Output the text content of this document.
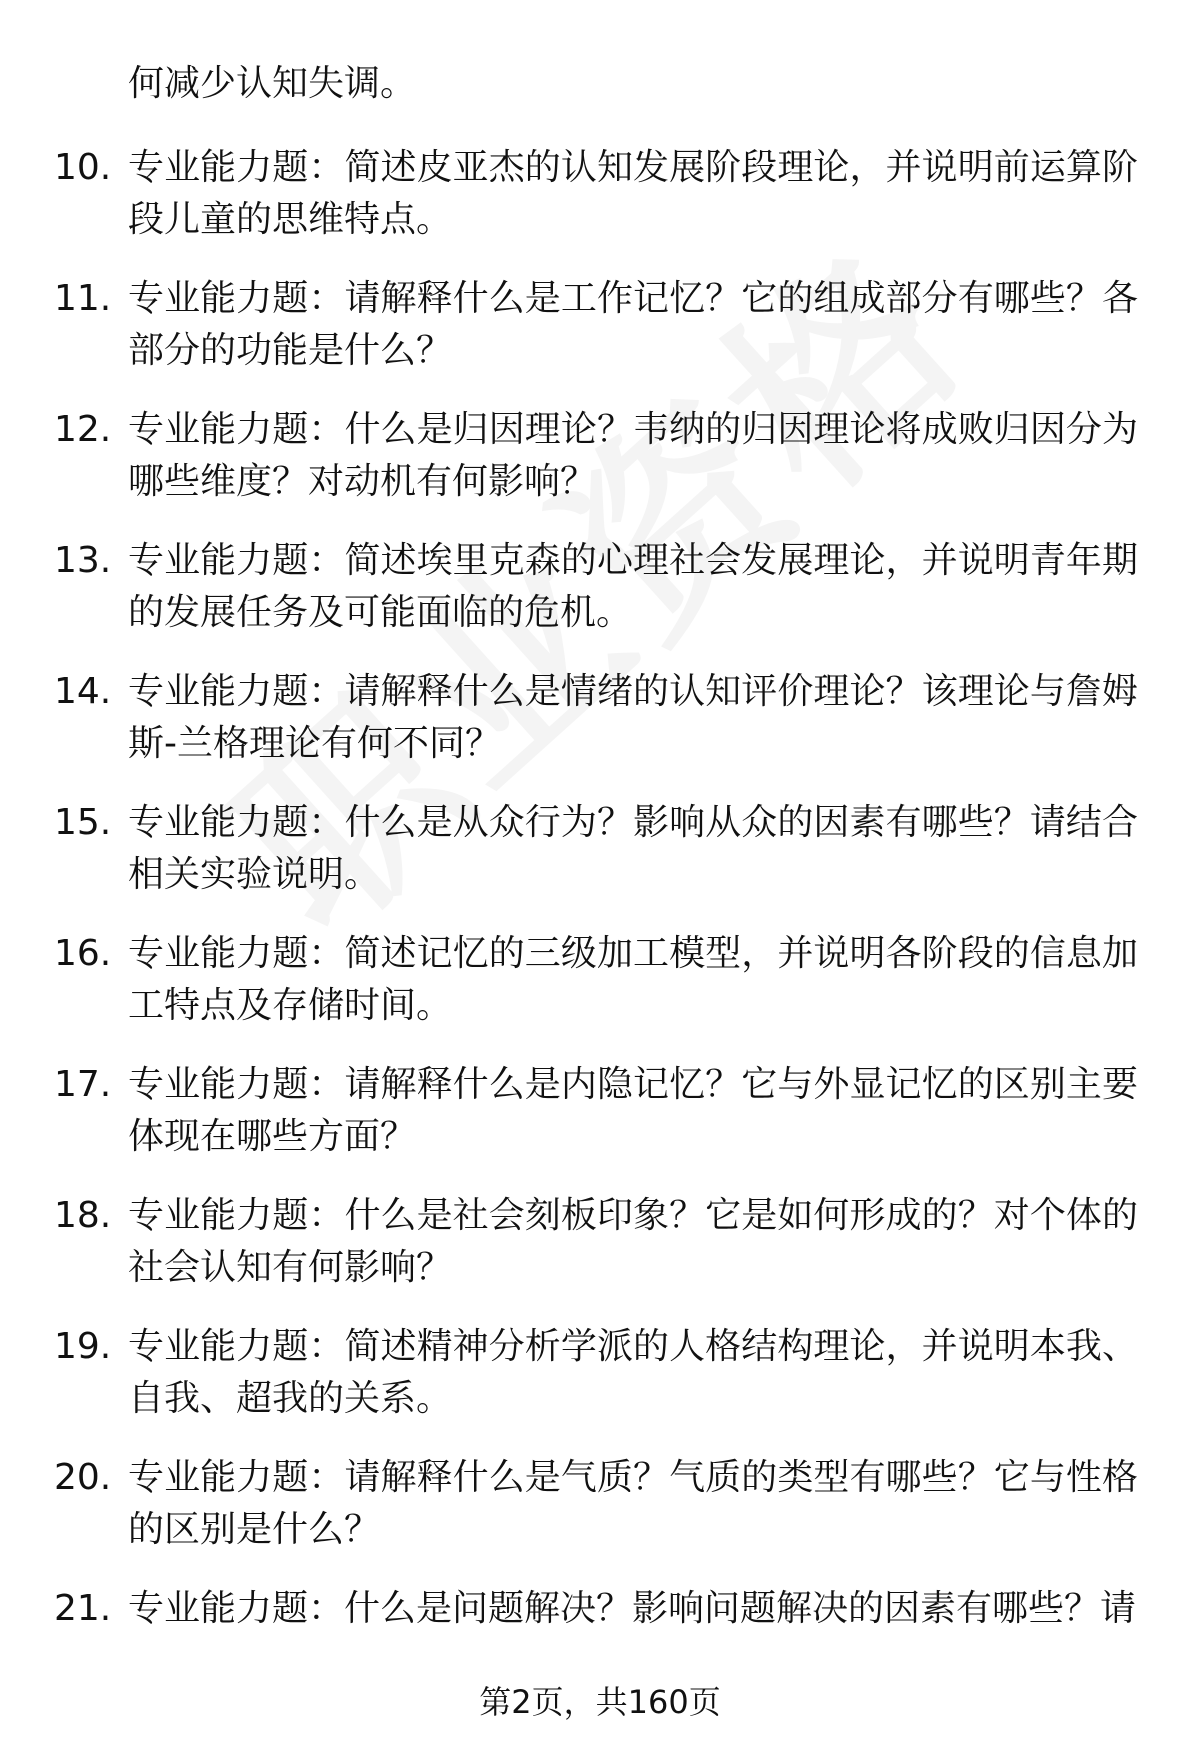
何减少认知失调。
10. 专业能力题：简述皮亚杰的认知发展阶段理论，并说明前运算阶段儿童的思维特点。
11. 专业能力题：请解释什么是工作记忆？它的组成部分有哪些？各部分的功能是什么？
12. 专业能力题：什么是归因理论？韦纳的归因理论将成败归因分为哪些维度？对动机有何影响？
13. 专业能力题：简述埃里克森的心理社会发展理论，并说明青年期的发展任务及可能面临的危机。
14. 专业能力题：请解释什么是情绪的认知评价理论？该理论与詹姆斯-兰格理论有何不同？
15. 专业能力题：什么是从众行为？影响从众的因素有哪些？请结合相关实验说明。
16. 专业能力题：简述记忆的三级加工模型，并说明各阶段的信息加工特点及存储时间。
17. 专业能力题：请解释什么是内隐记忆？它与外显记忆的区别主要体现在哪些方面？
18. 专业能力题：什么是社会刻板印象？它是如何形成的？对个体的社会认知有何影响？
19. 专业能力题：简述精神分析学派的人格结构理论，并说明本我、自我、超我的关系。
20. 专业能力题：请解释什么是气质？气质的类型有哪些？它与性格的区别是什么？
21. 专业能力题：什么是问题解决？影响问题解决的因素有哪些？请
第2页，共160页
